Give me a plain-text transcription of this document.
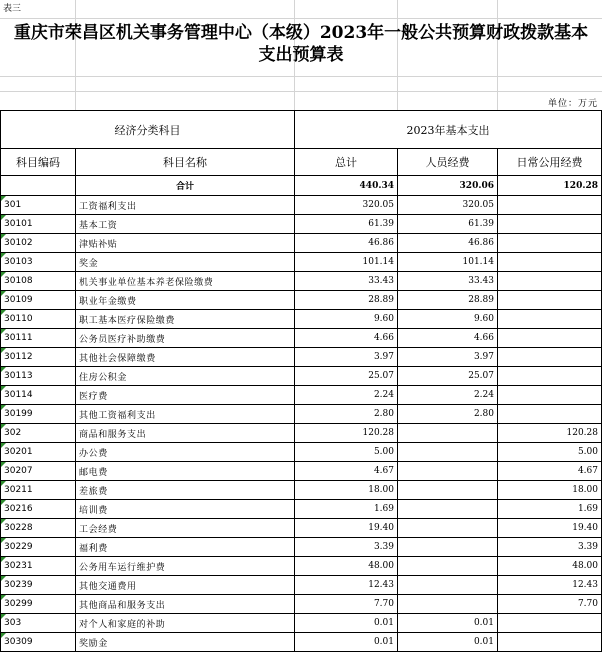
表三
重庆市荣昌区机关事务管理中心（本级）2023年一般公共预算财政拨款基本
支出预算表
单位：万元
经济分类科目		2023年基本支出		
科目编码	科目名称	总计	人员经费	日常公用经费
	合计	440.34	320.06	120.28
301	工资福利支出	320.05	320.05	
30101	基本工资	61.39	61.39	
30102	津贴补贴	46.86	46.86	
30103	奖金	101.14	101.14	
30108	机关事业单位基本养老保险缴费	33.43	33.43	
30109	职业年金缴费	28.89	28.89	
30110	职工基本医疗保险缴费	9.60	9.60	
30111	公务员医疗补助缴费	4.66	4.66	
30112	其他社会保障缴费	3.97	3.97	
30113	住房公积金	25.07	25.07	
30114	医疗费	2.24	2.24	
30199	其他工资福利支出	2.80	2.80	
302	商品和服务支出	120.28		120.28
30201	办公费	5.00		5.00
30207	邮电费	4.67		4.67
30211	差旅费	18.00		18.00
30216	培训费	1.69		1.69
30228	工会经费	19.40		19.40
30229	福利费	3.39		3.39
30231	公务用车运行维护费	48.00		48.00
30239	其他交通费用	12.43		12.43
30299	其他商品和服务支出	7.70		7.70
303	对个人和家庭的补助	0.01	0.01	
30309	奖励金	0.01	0.01	
